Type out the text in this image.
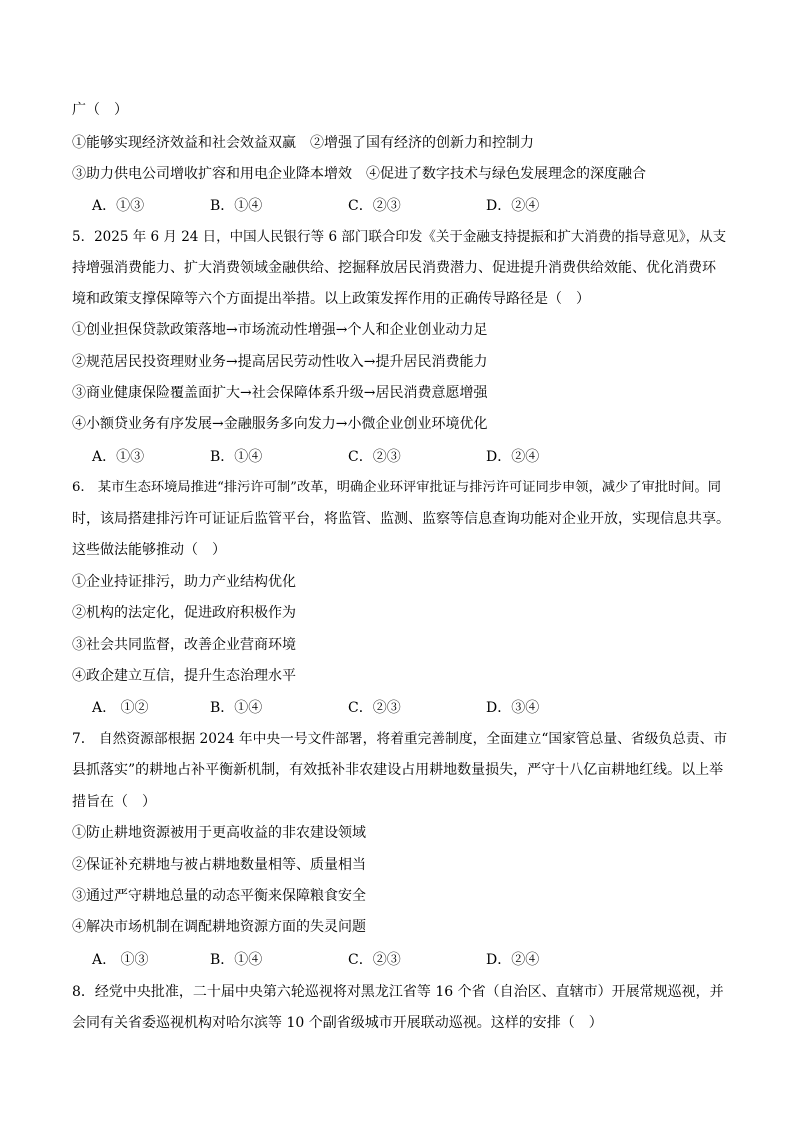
广（　）
①能够实现经济效益和社会效益双赢　②增强了国有经济的创新力和控制力
③助力供电公司增收扩容和用电企业降本增效　④促进了数字技术与绿色发展理念的深度融合
A．①③	B．①④	C．②③	D．②④
5．2025 年 6 月 24 日，中国人民银行等 6 部门联合印发《关于金融支持提振和扩大消费的指导意见》，从支
持增强消费能力、扩大消费领域金融供给、挖掘释放居民消费潜力、促进提升消费供给效能、优化消费环
境和政策支撑保障等六个方面提出举措。以上政策发挥作用的正确传导路径是（　）
①创业担保贷款政策落地→市场流动性增强→个人和企业创业动力足
②规范居民投资理财业务→提高居民劳动性收入→提升居民消费能力
③商业健康保险覆盖面扩大→社会保障体系升级→居民消费意愿增强
④小额贷业务有序发展→金融服务多向发力→小微企业创业环境优化
A．①③	B．①④	C．②③	D．②④
6.　某市生态环境局推进“排污许可制”改革，明确企业环评审批证与排污许可证同步申领，减少了审批时间。同
时，该局搭建排污许可证证后监管平台，将监管、监测、监察等信息查询功能对企业开放，实现信息共享。
这些做法能够推动（　）
①企业持证排污，助力产业结构优化
②机构的法定化，促进政府积极作为
③社会共同监督，改善企业营商环境
④政企建立互信，提升生态治理水平
A.　①②	B．①④	C．②③	D．③④
7.　自然资源部根据 2024 年中央一号文件部署，将着重完善制度，全面建立“国家管总量、省级负总责、市
县抓落实”的耕地占补平衡新机制，有效抵补非农建设占用耕地数量损失，严守十八亿亩耕地红线。以上举
措旨在（　）
①防止耕地资源被用于更高收益的非农建设领域
②保证补充耕地与被占耕地数量相等、质量相当
③通过严守耕地总量的动态平衡来保障粮食安全
④解决市场机制在调配耕地资源方面的失灵问题
A.　①③	B．①④	C．②③	D．②④
8．经党中央批准，二十届中央第六轮巡视将对黑龙江省等 16 个省（自治区、直辖市）开展常规巡视，并
会同有关省委巡视机构对哈尔滨等 10 个副省级城市开展联动巡视。这样的安排（　）
